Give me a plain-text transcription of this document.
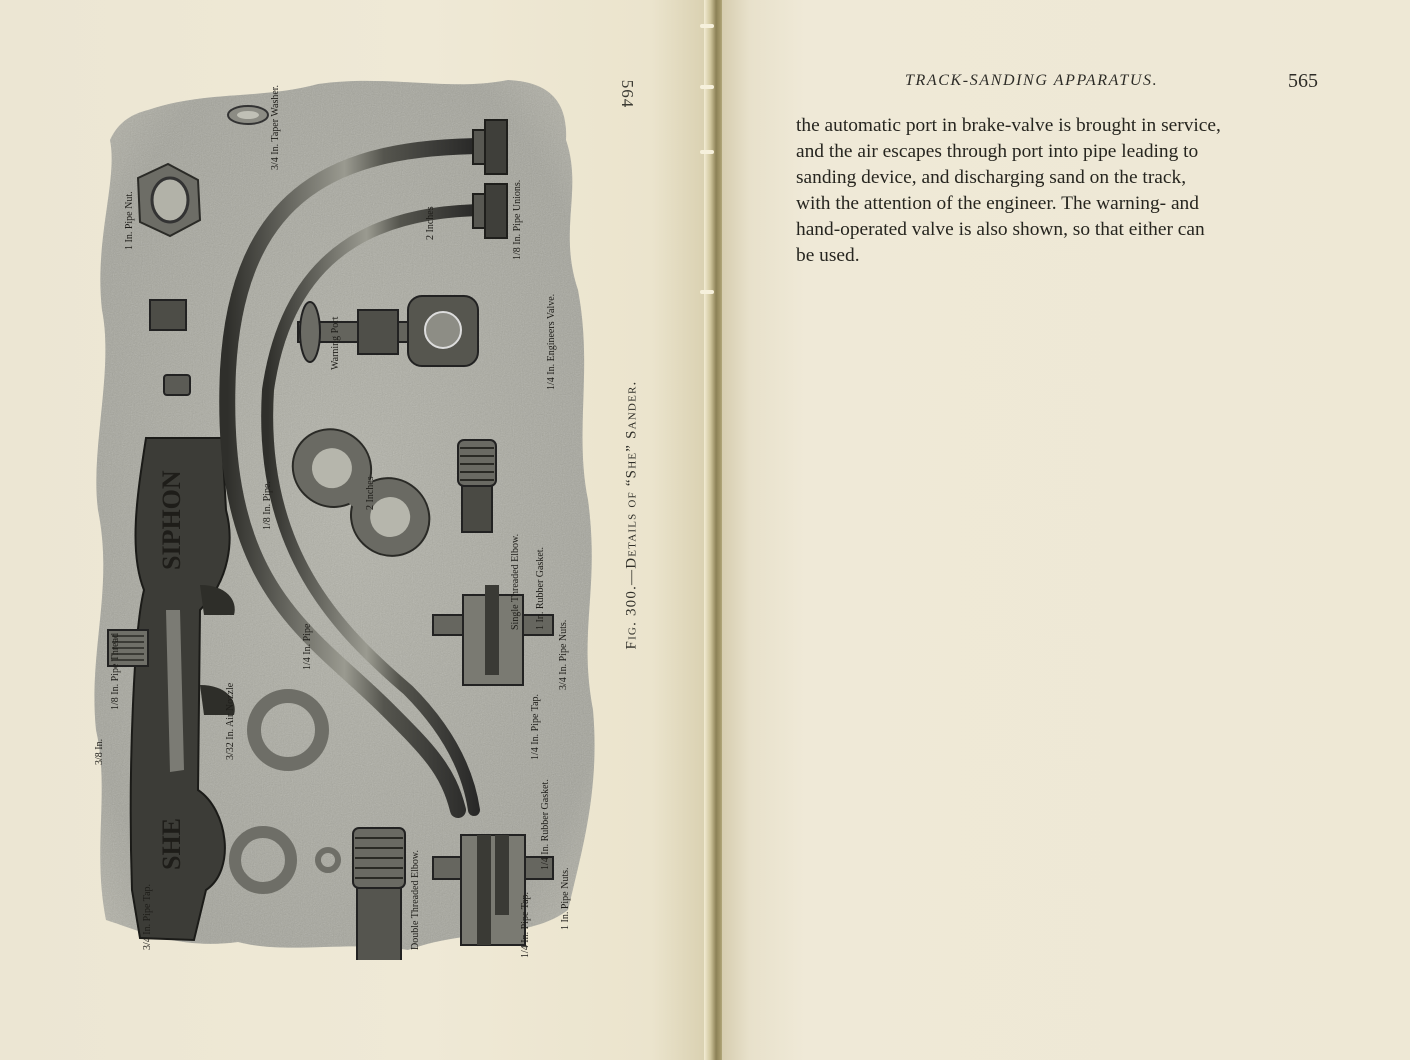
SIPHON
SHE
1 In. Pipe Nut.
3/4 In. Taper Washer.
2 Inches	1/8 In. Pipe Unions.
Warning Port	1/4 In. Engineers Valve.
1/8 In. Pipe.	2 Inches
Single Threaded Elbow. 1 In. Rubber Gasket.
3/4 In. Pipe Nuts.
1/4 In. Pipe Tap.
1/8 In. Pipe Thread
3/8 In.	3/32 In. Air Nozzle
1/4 In. Pipe
3/4 In. Pipe Tap.	Double Threaded Elbow.
1/4 In. Rubber Gasket.
1 In. Pipe Nuts.
1/4 In. Pipe Tap.
564
Fig. 300.—Details of “She” Sander.
TRACK-SANDING APPARATUS.	565

the automatic port in brake-valve is brought in service,

and the air escapes through port into pipe leading to

sanding device, and discharging sand on the track,

with the attention of the engineer. The warning- and

hand-operated valve is also shown, so that either can

be used.
